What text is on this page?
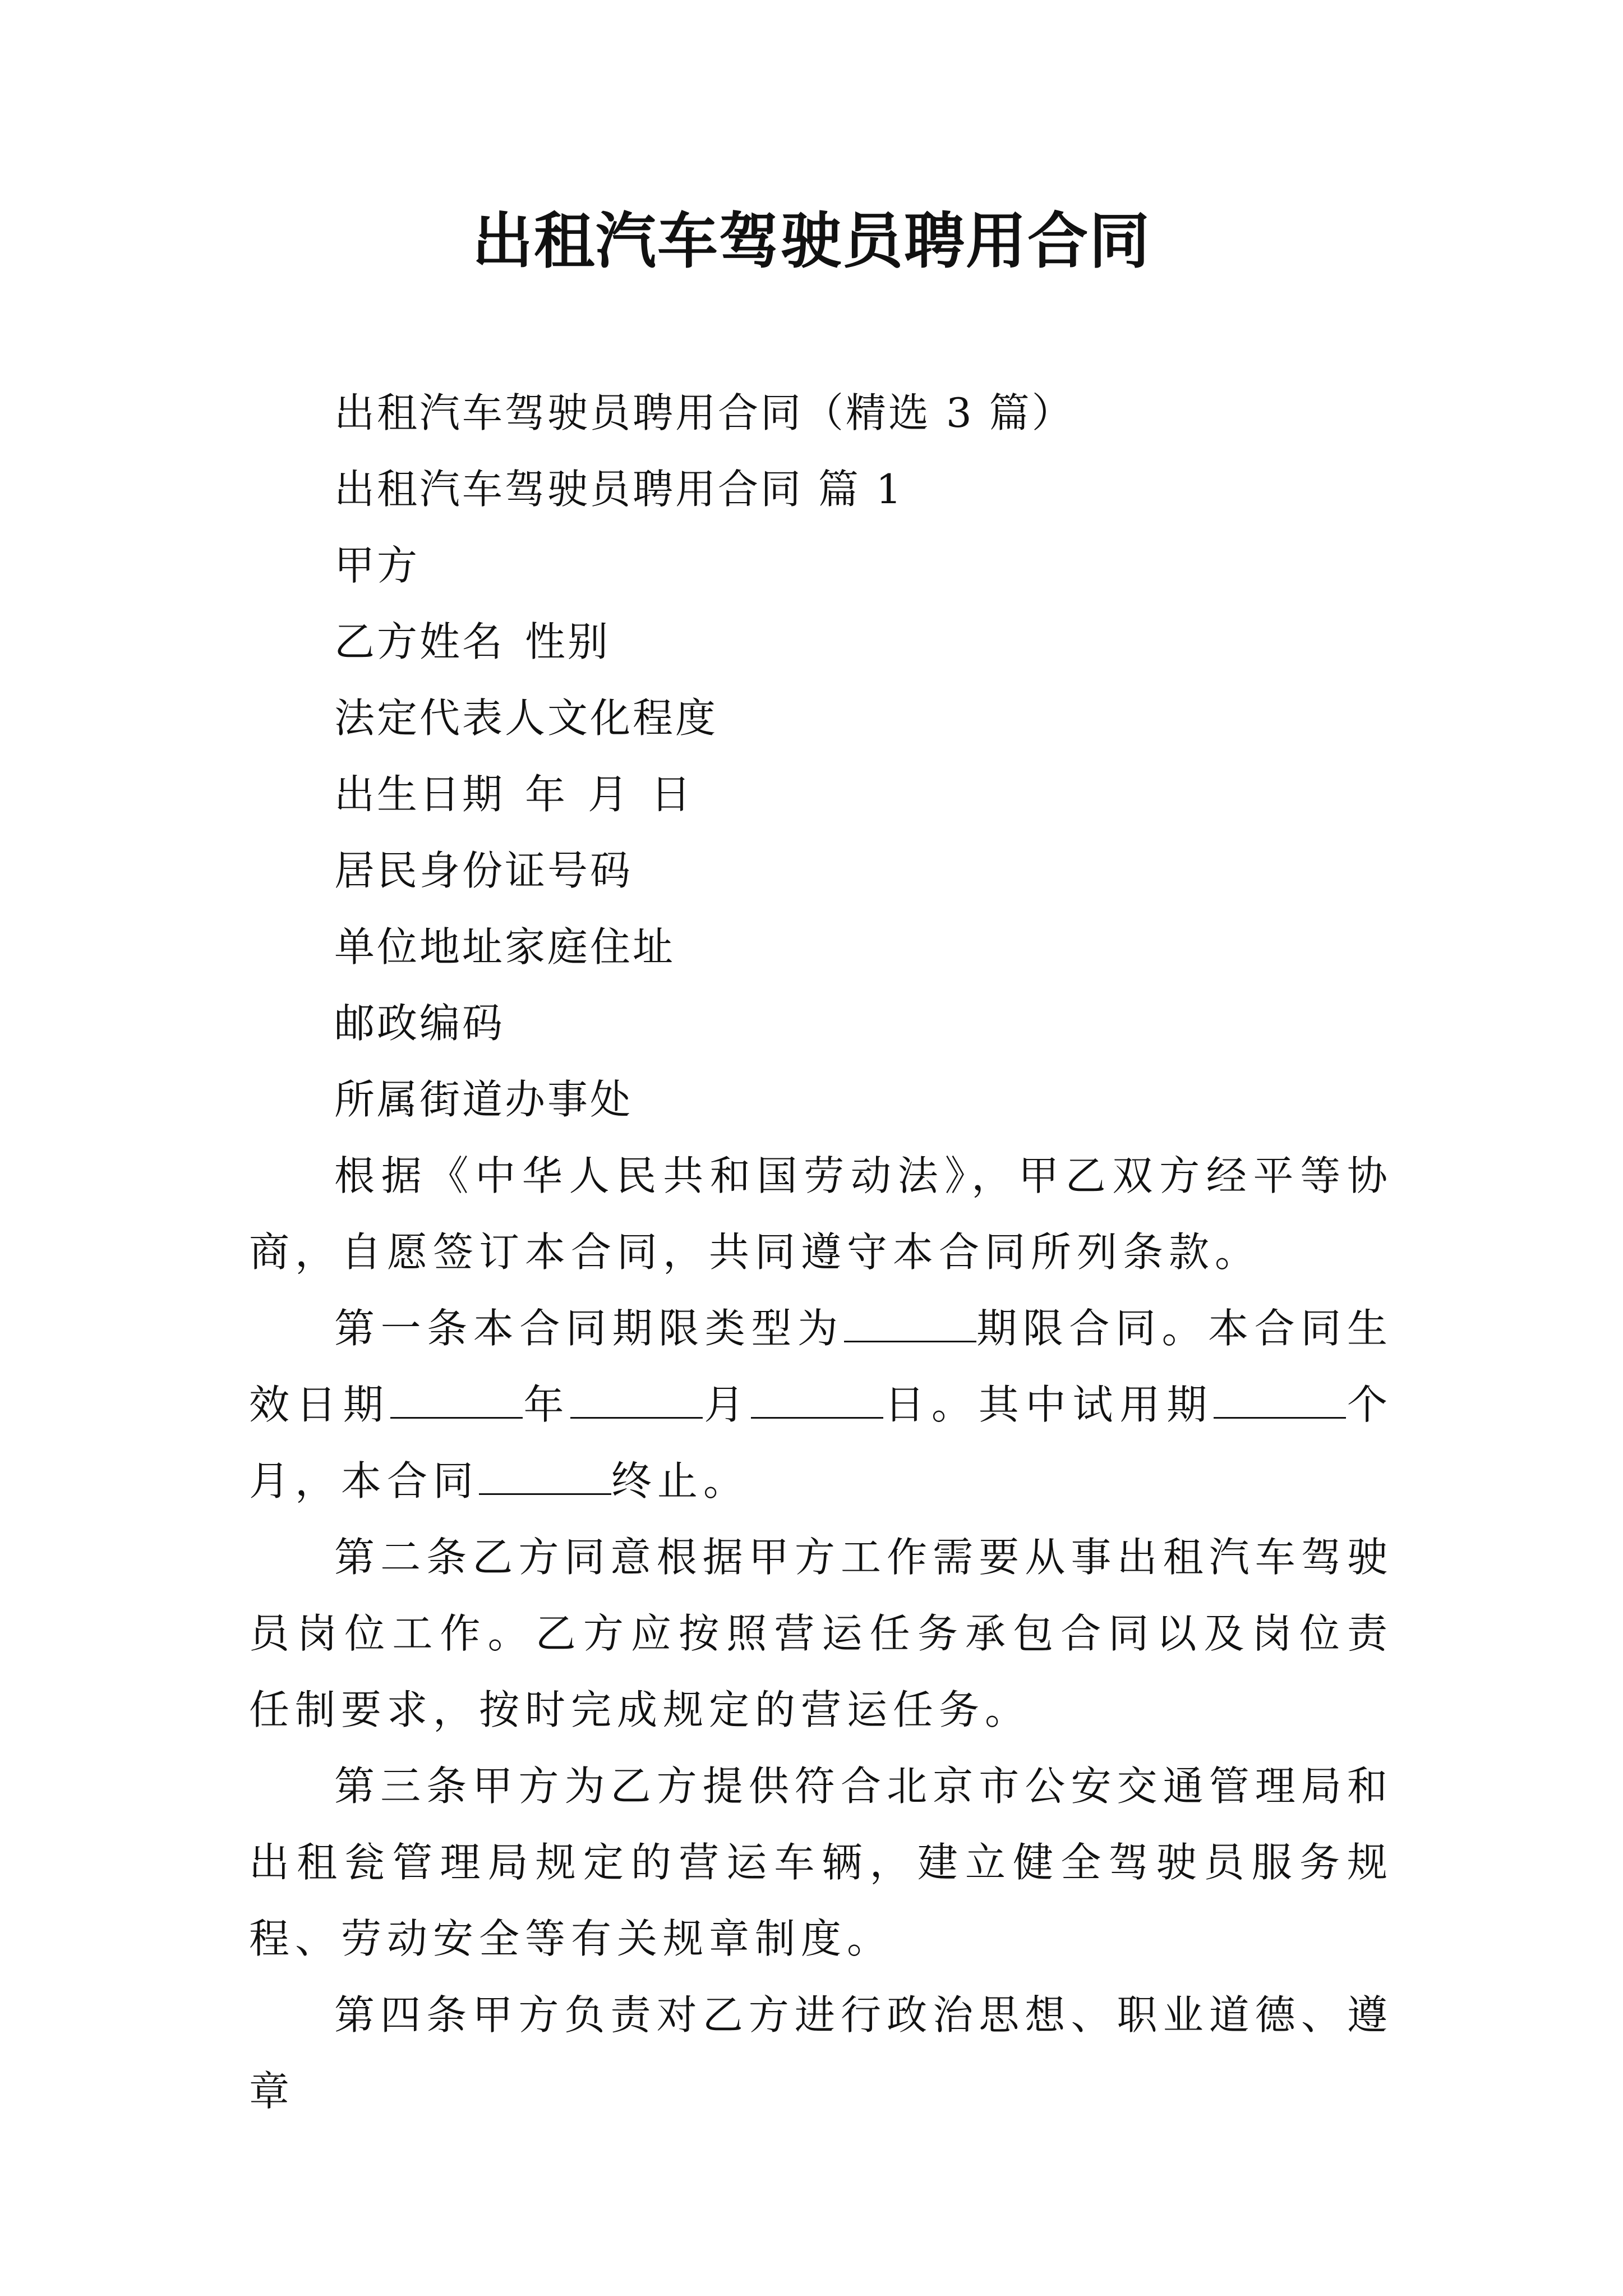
出租汽车驾驶员聘用合同

出租汽车驾驶员聘用合同（精选 3 篇）

出租汽车驾驶员聘用合同 篇 1

甲方

乙方姓名 性别

法定代表人文化程度

出生日期 年 月 日

居民身份证号码

单位地址家庭住址

邮政编码

所属街道办事处

根据《中华人民共和国劳动法》，甲乙双方经平等协商，自愿签订本合同，共同遵守本合同所列条款。

第一条本合同期限类型为	期限合同。本合同生效日期	年	月	日。其中试用期	个月，本合同	终止。

第二条乙方同意根据甲方工作需要从事出租汽车驾驶员岗位工作。乙方应按照营运任务承包合同以及岗位责任制要求，按时完成规定的营运任务。

第三条甲方为乙方提供符合北京市公安交通管理局和出租瓮管理局规定的营运车辆，建立健全驾驶员服务规程、劳动安全等有关规章制度。

第四条甲方负责对乙方进行政治思想、职业道德、遵章
